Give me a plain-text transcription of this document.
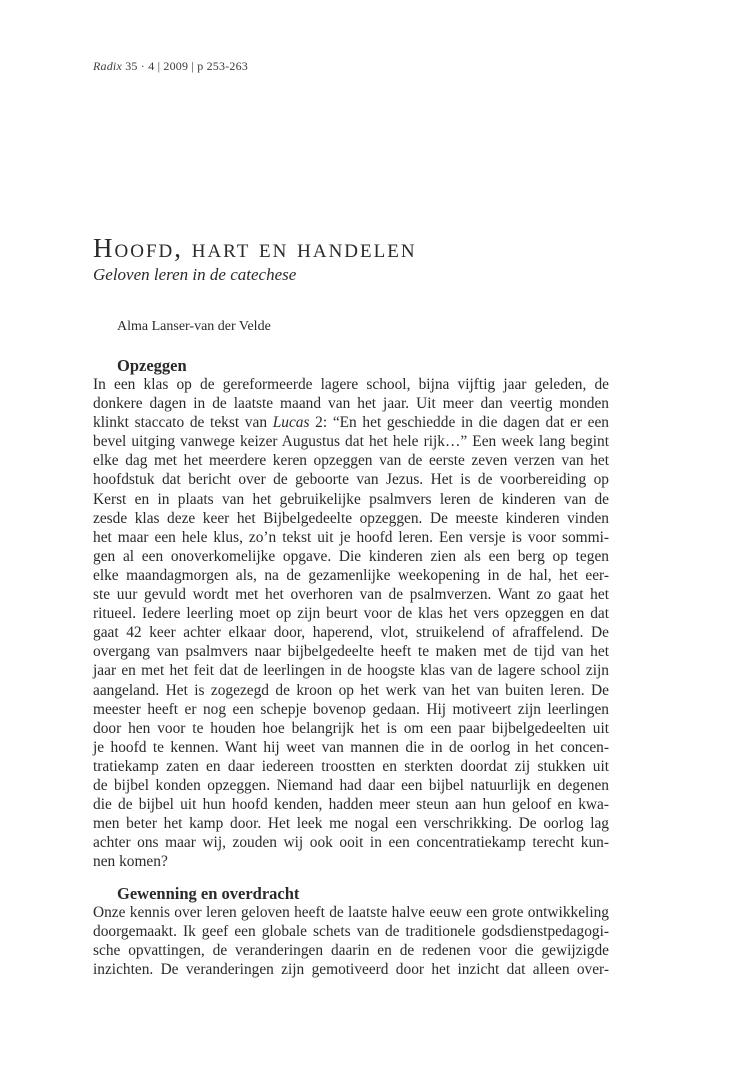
Radix 35 · 4 | 2009 | p 253-263
Hoofd, hart en handelen
Geloven leren in de catechese
Alma Lanser-van der Velde
Opzeggen
In een klas op de gereformeerde lagere school, bijna vijftig jaar geleden, de
donkere dagen in de laatste maand van het jaar. Uit meer dan veertig monden
klinkt staccato de tekst van Lucas 2: “En het geschiedde in die dagen dat er een
bevel uitging vanwege keizer Augustus dat het hele rijk…” Een week lang begint
elke dag met het meerdere keren opzeggen van de eerste zeven verzen van het
hoofdstuk dat bericht over de geboorte van Jezus. Het is de voorbereiding op
Kerst en in plaats van het gebruikelijke psalmvers leren de kinderen van de
zesde klas deze keer het Bijbelgedeelte opzeggen. De meeste kinderen vinden
het maar een hele klus, zo’n tekst uit je hoofd leren. Een versje is voor sommi-
gen al een onoverkomelijke opgave. Die kinderen zien als een berg op tegen
elke maandagmorgen als, na de gezamenlijke weekopening in de hal, het eer-
ste uur gevuld wordt met het overhoren van de psalmverzen. Want zo gaat het
ritueel. Iedere leerling moet op zijn beurt voor de klas het vers opzeggen en dat
gaat 42 keer achter elkaar door, haperend, vlot, struikelend of afraffelend. De
overgang van psalmvers naar bijbelgedeelte heeft te maken met de tijd van het
jaar en met het feit dat de leerlingen in de hoogste klas van de lagere school zijn
aangeland. Het is zogezegd de kroon op het werk van het van buiten leren. De
meester heeft er nog een schepje bovenop gedaan. Hij motiveert zijn leerlingen
door hen voor te houden hoe belangrijk het is om een paar bijbelgedeelten uit
je hoofd te kennen. Want hij weet van mannen die in de oorlog in het concen-
tratiekamp zaten en daar iedereen troostten en sterkten doordat zij stukken uit
de bijbel konden opzeggen. Niemand had daar een bijbel natuurlijk en degenen
die de bijbel uit hun hoofd kenden, hadden meer steun aan hun geloof en kwa-
men beter het kamp door. Het leek me nogal een verschrikking. De oorlog lag
achter ons maar wij, zouden wij ook ooit in een concentratiekamp terecht kun-
nen komen?
Gewenning en overdracht
Onze kennis over leren geloven heeft de laatste halve eeuw een grote ontwikkeling
doorgemaakt. Ik geef een globale schets van de traditionele godsdienstpedagogi-
sche opvattingen, de veranderingen daarin en de redenen voor die gewijzigde
inzichten. De veranderingen zijn gemotiveerd door het inzicht dat alleen over-
